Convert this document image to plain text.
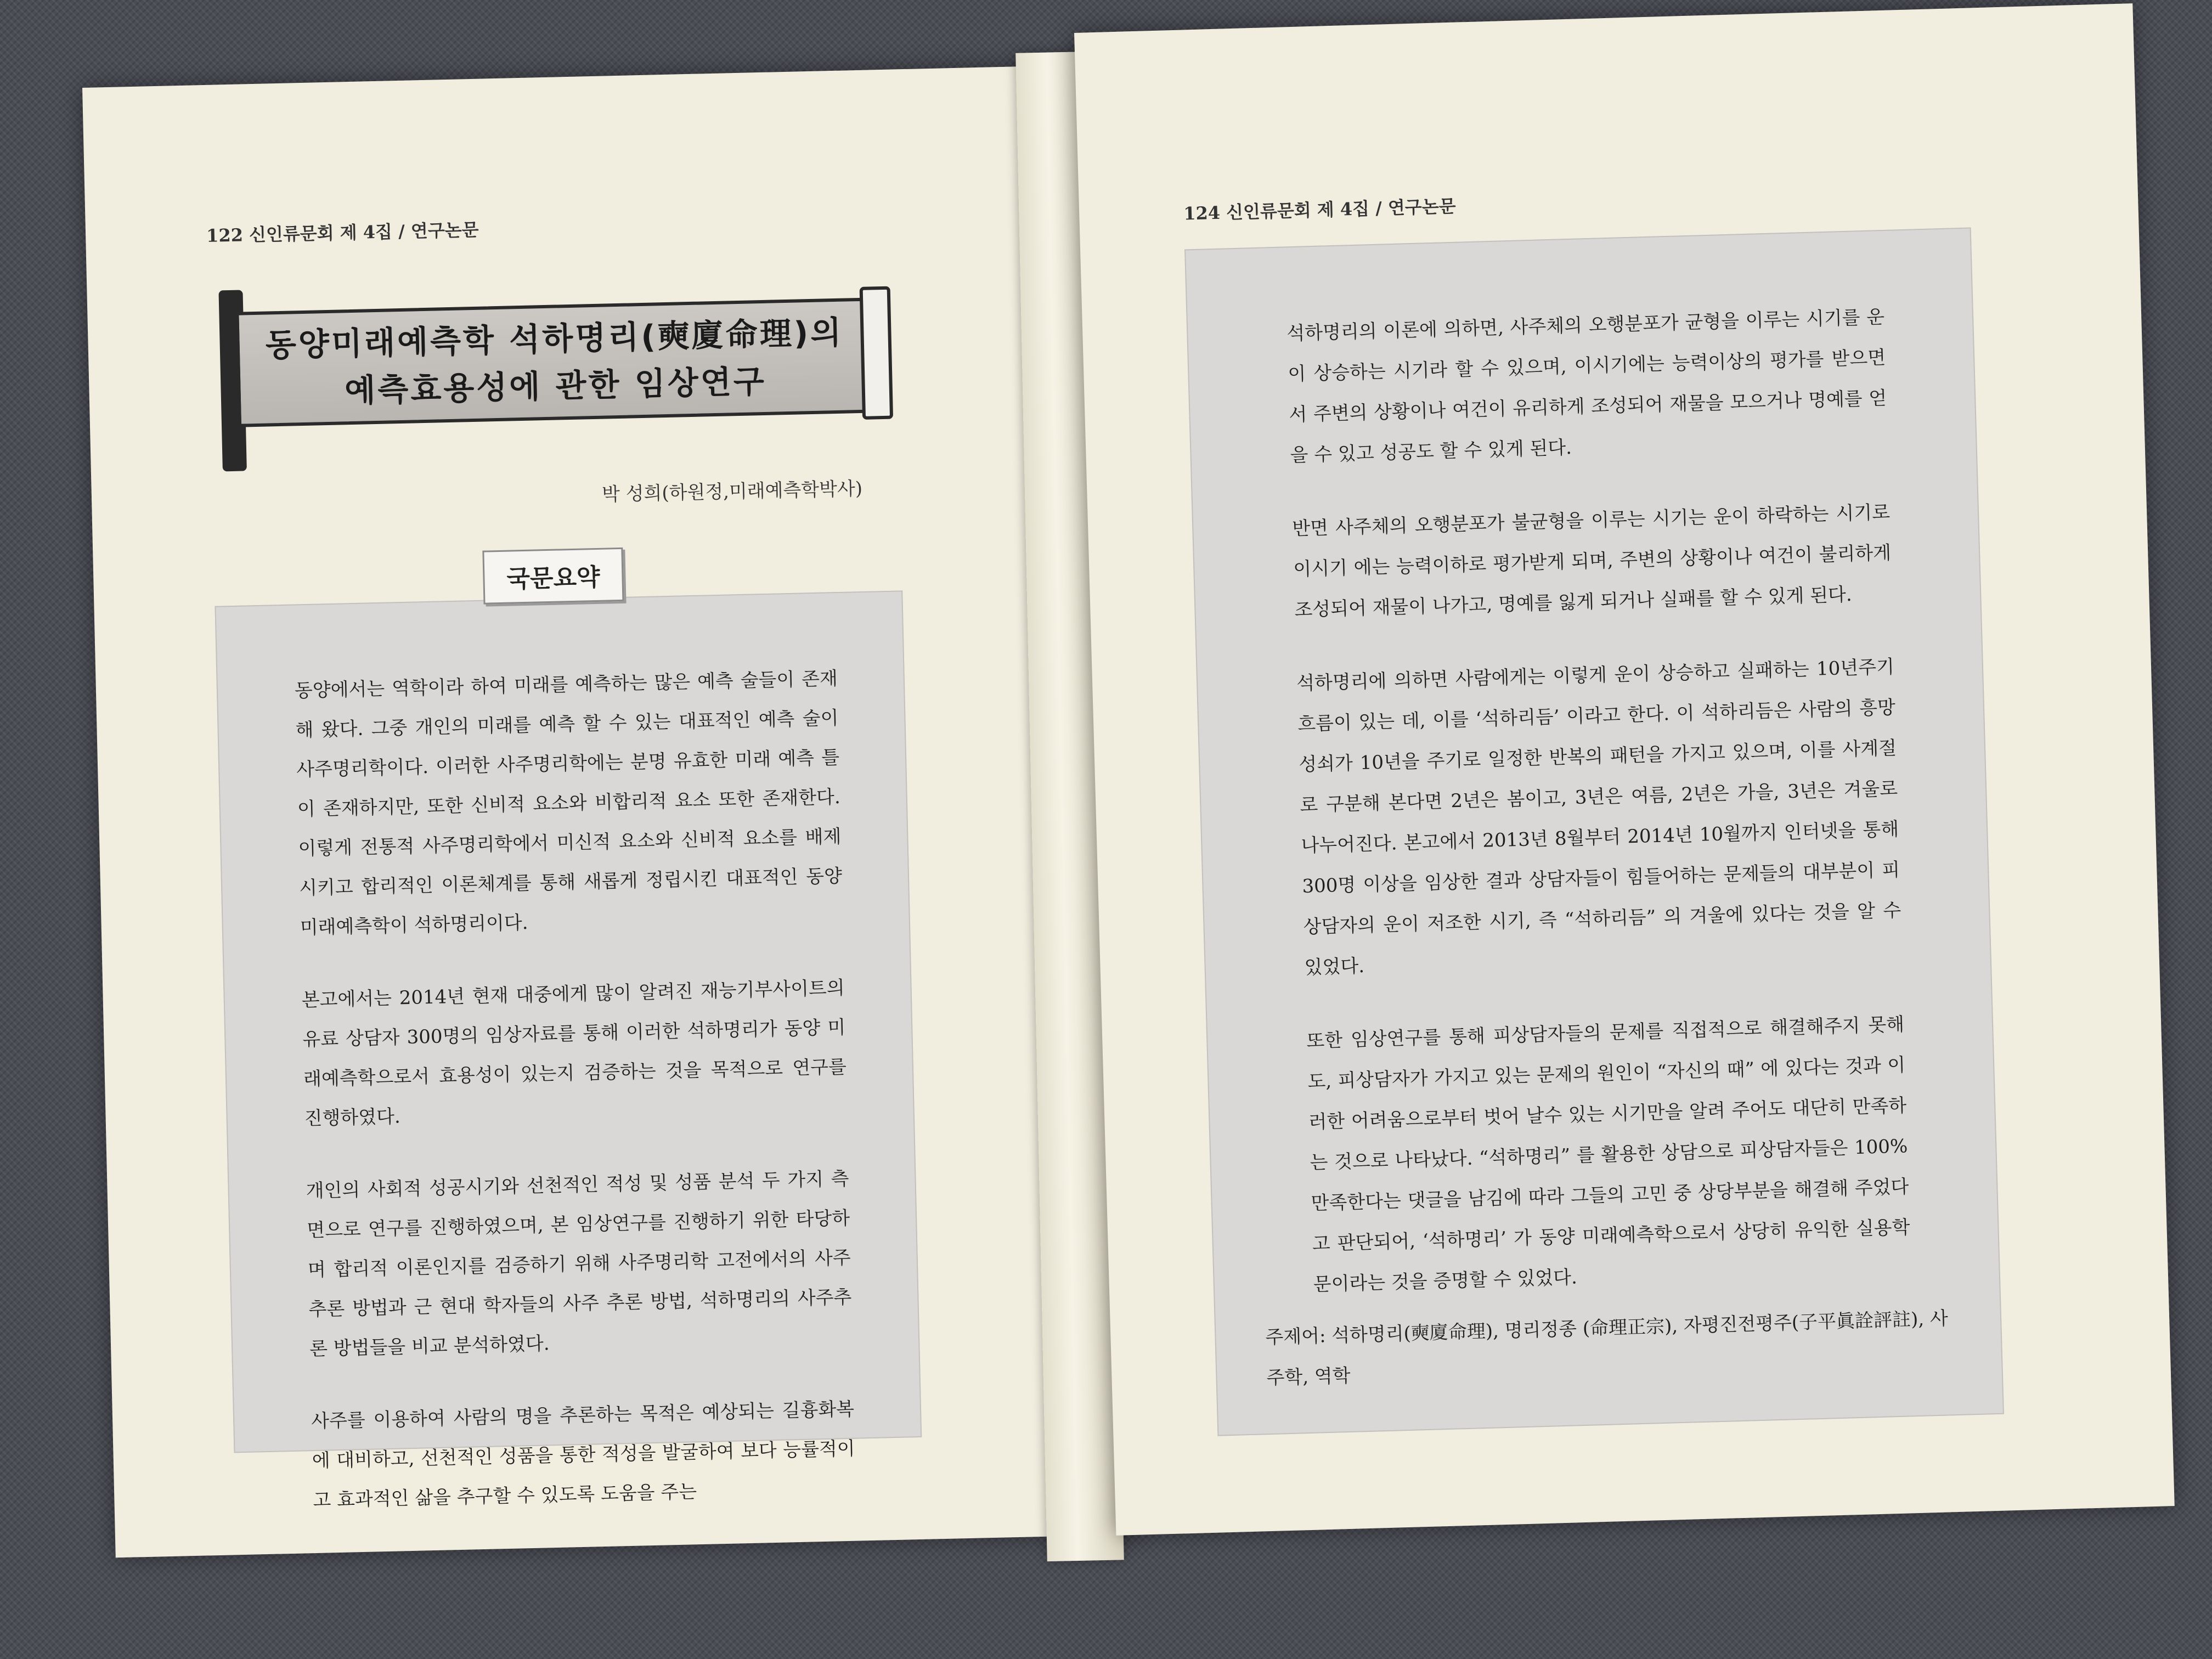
122 신인류문회 제 4집 / 연구논문
동양미래예측학 석하명리(奭廈命理)의
예측효용성에 관한 임상연구
박 성희(하원정,미래예측학박사)
국문요약

동양에서는 역학이라 하여 미래를 예측하는 많은 예측 술들이 존재해 왔다. 그중 개인의 미래를 예측 할 수 있는 대표적인 예측 술이 사주명리학이다. 이러한 사주명리학에는 분명 유효한 미래 예측 틀이 존재하지만, 또한 신비적 요소와 비합리적 요소 또한 존재한다. 이렇게 전통적 사주명리학에서 미신적 요소와 신비적 요소를 배제시키고 합리적인 이론체계를 통해 새롭게 정립시킨 대표적인 동양 미래예측학이 석하명리이다.

본고에서는 2014년 현재 대중에게 많이 알려진 재능기부사이트의 유료 상담자 300명의 임상자료를 통해 이러한 석하명리가 동양 미래예측학으로서 효용성이 있는지 검증하는 것을 목적으로 연구를 진행하였다.

개인의 사회적 성공시기와 선천적인 적성 및 성품 분석 두 가지 측면으로 연구를 진행하였으며, 본 임상연구를 진행하기 위한 타당하며 합리적 이론인지를 검증하기 위해 사주명리학 고전에서의 사주추론 방법과 근 현대 학자들의 사주 추론 방법, 석하명리의 사주추론 방법들을 비교 분석하였다.

사주를 이용하여 사람의 명을 추론하는 목적은 예상되는 길흉화복에 대비하고, 선천적인 성품을 통한 적성을 발굴하여 보다 능률적이고 효과적인 삶을 추구할 수 있도록 도움을 주는

124 신인류문회 제 4집 / 연구논문

석하명리의 이론에 의하면, 사주체의 오행분포가 균형을 이루는 시기를 운이 상승하는 시기라 할 수 있으며, 이시기에는 능력이상의 평가를 받으면서 주변의 상황이나 여건이 유리하게 조성되어 재물을 모으거나 명예를 얻을 수 있고 성공도 할 수 있게 된다.

반면 사주체의 오행분포가 불균형을 이루는 시기는 운이 하락하는 시기로 이시기 에는 능력이하로 평가받게 되며, 주변의 상황이나 여건이 불리하게 조성되어 재물이 나가고, 명예를 잃게 되거나 실패를 할 수 있게 된다.

석하명리에 의하면 사람에게는 이렇게 운이 상승하고 실패하는 10년주기 흐름이 있는 데, 이를 ‘석하리듬’ 이라고 한다. 이 석하리듬은 사람의 흥망성쇠가 10년을 주기로 일정한 반복의 패턴을 가지고 있으며, 이를 사계절로 구분해 본다면 2년은 봄이고, 3년은 여름, 2년은 가을, 3년은 겨울로 나누어진다. 본고에서 2013년 8월부터 2014년 10월까지 인터넷을 통해 300명 이상을 임상한 결과 상담자들이 힘들어하는 문제들의 대부분이 피상담자의 운이 저조한 시기, 즉 “석하리듬” 의 겨울에 있다는 것을 알 수 있었다.

또한 임상연구를 통해 피상담자들의 문제를 직접적으로 해결해주지 못해도, 피상담자가 가지고 있는 문제의 원인이 “자신의 때” 에 있다는 것과 이러한 어려움으로부터 벗어 날수 있는 시기만을 알려 주어도 대단히 만족하는 것으로 나타났다. “석하명리” 를 활용한 상담으로 피상담자들은 100% 만족한다는 댓글을 남김에 따라 그들의 고민 중 상당부분을 해결해 주었다고 판단되어, ‘석하명리’ 가 동양 미래예측학으로서 상당히 유익한 실용학문이라는 것을 증명할 수 있었다.

주제어: 석하명리(奭廈命理), 명리정종 (命理正宗), 자평진전평주(子平眞詮評註), 사주학, 역학
